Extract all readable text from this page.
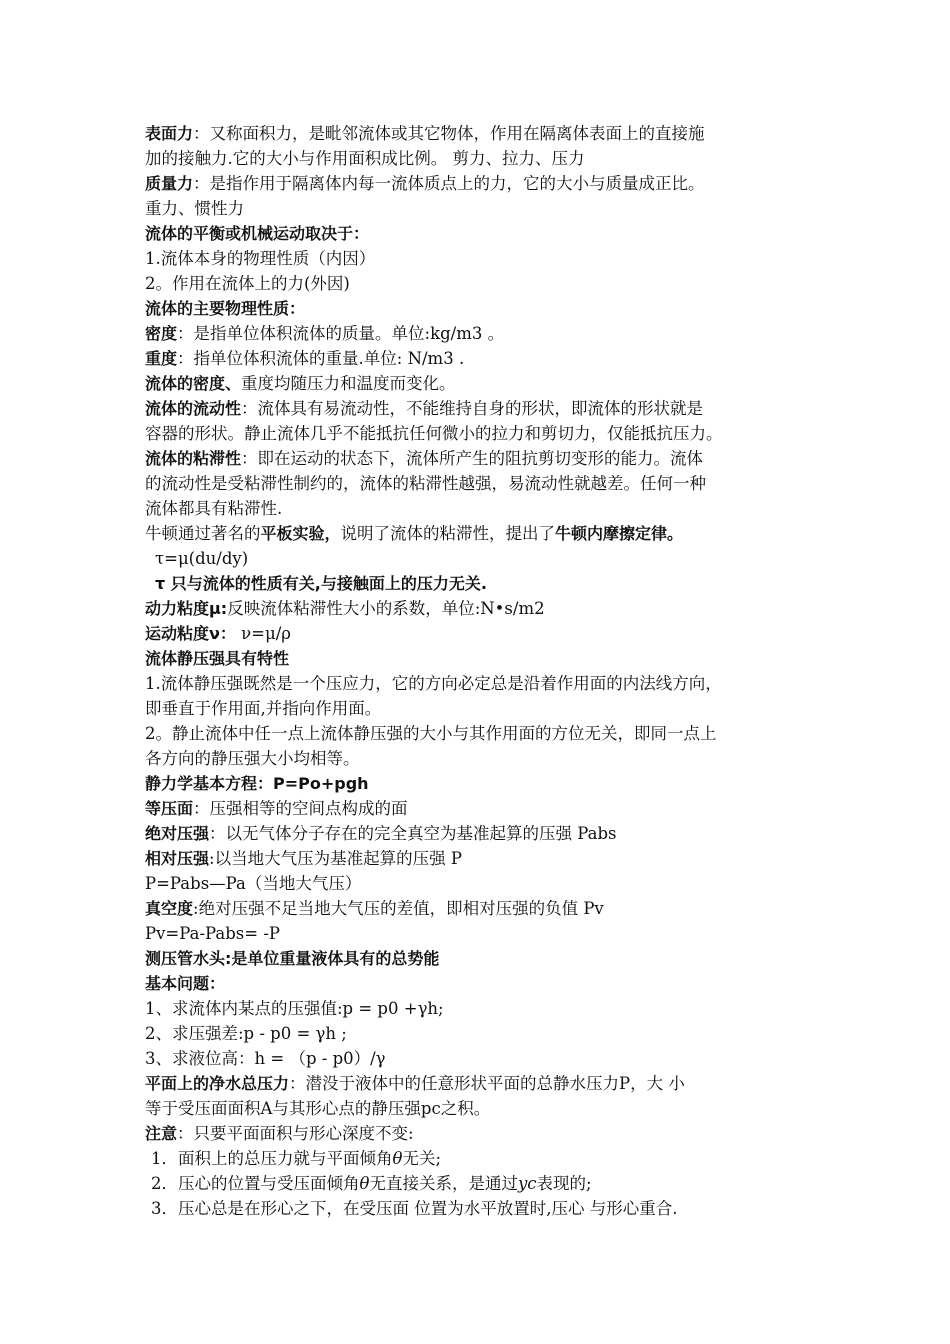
表面力：又称面积力，是毗邻流体或其它物体，作用在隔离体表面上的直接施
加的接触力.它的大小与作用面积成比例。 剪力、拉力、压力
质量力：是指作用于隔离体内每一流体质点上的力，它的大小与质量成正比。
重力、惯性力
流体的平衡或机械运动取决于：
1.流体本身的物理性质（内因）
2。作用在流体上的力(外因)
流体的主要物理性质：
密度：是指单位体积流体的质量。单位:kg/m3 。
重度：指单位体积流体的重量.单位: N/m3 .
流体的密度、重度均随压力和温度而变化。
流体的流动性：流体具有易流动性，不能维持自身的形状，即流体的形状就是
容器的形状。静止流体几乎不能抵抗任何微小的拉力和剪切力，仅能抵抗压力。
流体的粘滞性：即在运动的状态下，流体所产生的阻抗剪切变形的能力。流体
的流动性是受粘滞性制约的，流体的粘滞性越强，易流动性就越差。任何一种
流体都具有粘滞性.
牛顿通过著名的平板实验，说明了流体的粘滞性，提出了牛顿内摩擦定律。
τ=μ(du/dy)
τ 只与流体的性质有关,与接触面上的压力无关.
动力粘度μ:反映流体粘滞性大小的系数，单位:N•s/m2
运动粘度ν： ν=μ/ρ
流体静压强具有特性
1.流体静压强既然是一个压应力，它的方向必定总是沿着作用面的内法线方向，
即垂直于作用面,并指向作用面。
2。静止流体中任一点上流体静压强的大小与其作用面的方位无关，即同一点上
各方向的静压强大小均相等。
静力学基本方程：P=Po+pgh
等压面：压强相等的空间点构成的面
绝对压强：以无气体分子存在的完全真空为基准起算的压强 Pabs
相对压强:以当地大气压为基准起算的压强 P
P=Pabs—Pa（当地大气压）
真空度:绝对压强不足当地大气压的差值，即相对压强的负值 Pv
Pv=Pa-Pabs= -P
测压管水头:是单位重量液体具有的总势能
基本问题：
1、求流体内某点的压强值:p = p0 +γh;
2、求压强差:p - p0 = γh ;
3、求液位高：h = （p - p0）/γ
平面上的净水总压力：潜没于液体中的任意形状平面的总静水压力P，大 小
等于受压面面积A与其形心点的静压强pc之积。
注意：只要平面面积与形心深度不变:
1．面积上的总压力就与平面倾角θ无关;
2．压心的位置与受压面倾角θ无直接关系，是通过yc表现的;
3．压心总是在形心之下，在受压面 位置为水平放置时,压心 与形心重合.
